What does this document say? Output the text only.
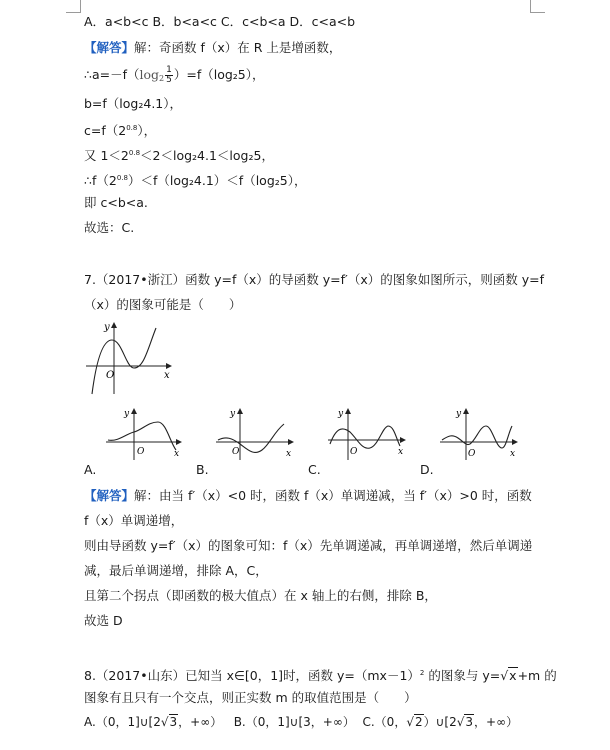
A．a<b<c B．b<a<c C．c<b<a D．c<a<b
【解答】解：奇函数 f（x）在 R 上是增函数，
$\therefore a=-f(\log_2 \frac{1}{5} )=f(\log_25)$，
b=f（log₂4.1），
$c=f(2^{0.8})$，
又 $1<2^{0.8}<2<\log_24.1<\log_25$，
$\therefore f(2^{0.8})<f(\log_24.1)<f(\log_25)$，
即 c<b<a.
故选：C.
7.（2017•浙江）函数 y=f（x）的导函数 y=f′（x）的图象如图所示，则函数 y=f
（x）的图象可能是（　　）
y
x
O
A.
y
x
O
B.
y
x
O
C.
y
x
O
D.
y
x
O
【解答】解：由当 f′（x）<0 时，函数 f（x）单调递减，当 f′（x）>0 时，函数
f（x）单调递增，
则由导函数 y=f′（x）的图象可知：f（x）先单调递减，再单调递增，然后单调递
减，最后单调递增，排除 A，C，
且第二个拐点（即函数的极大值点）在 x 轴上的右侧，排除 B，
故选 D
8.（2017•山东）已知当 x∈[0，1]时，函数 $y=(mx-1)^2$ 的图象与 y=√x+m 的
图象有且只有一个交点，则正实数 m 的取值范围是（　　）
A.（0，1]∪[2√3，+∞） B.（0，1]∪[3，+∞） C.（0，√2）∪[2√3，+∞）
